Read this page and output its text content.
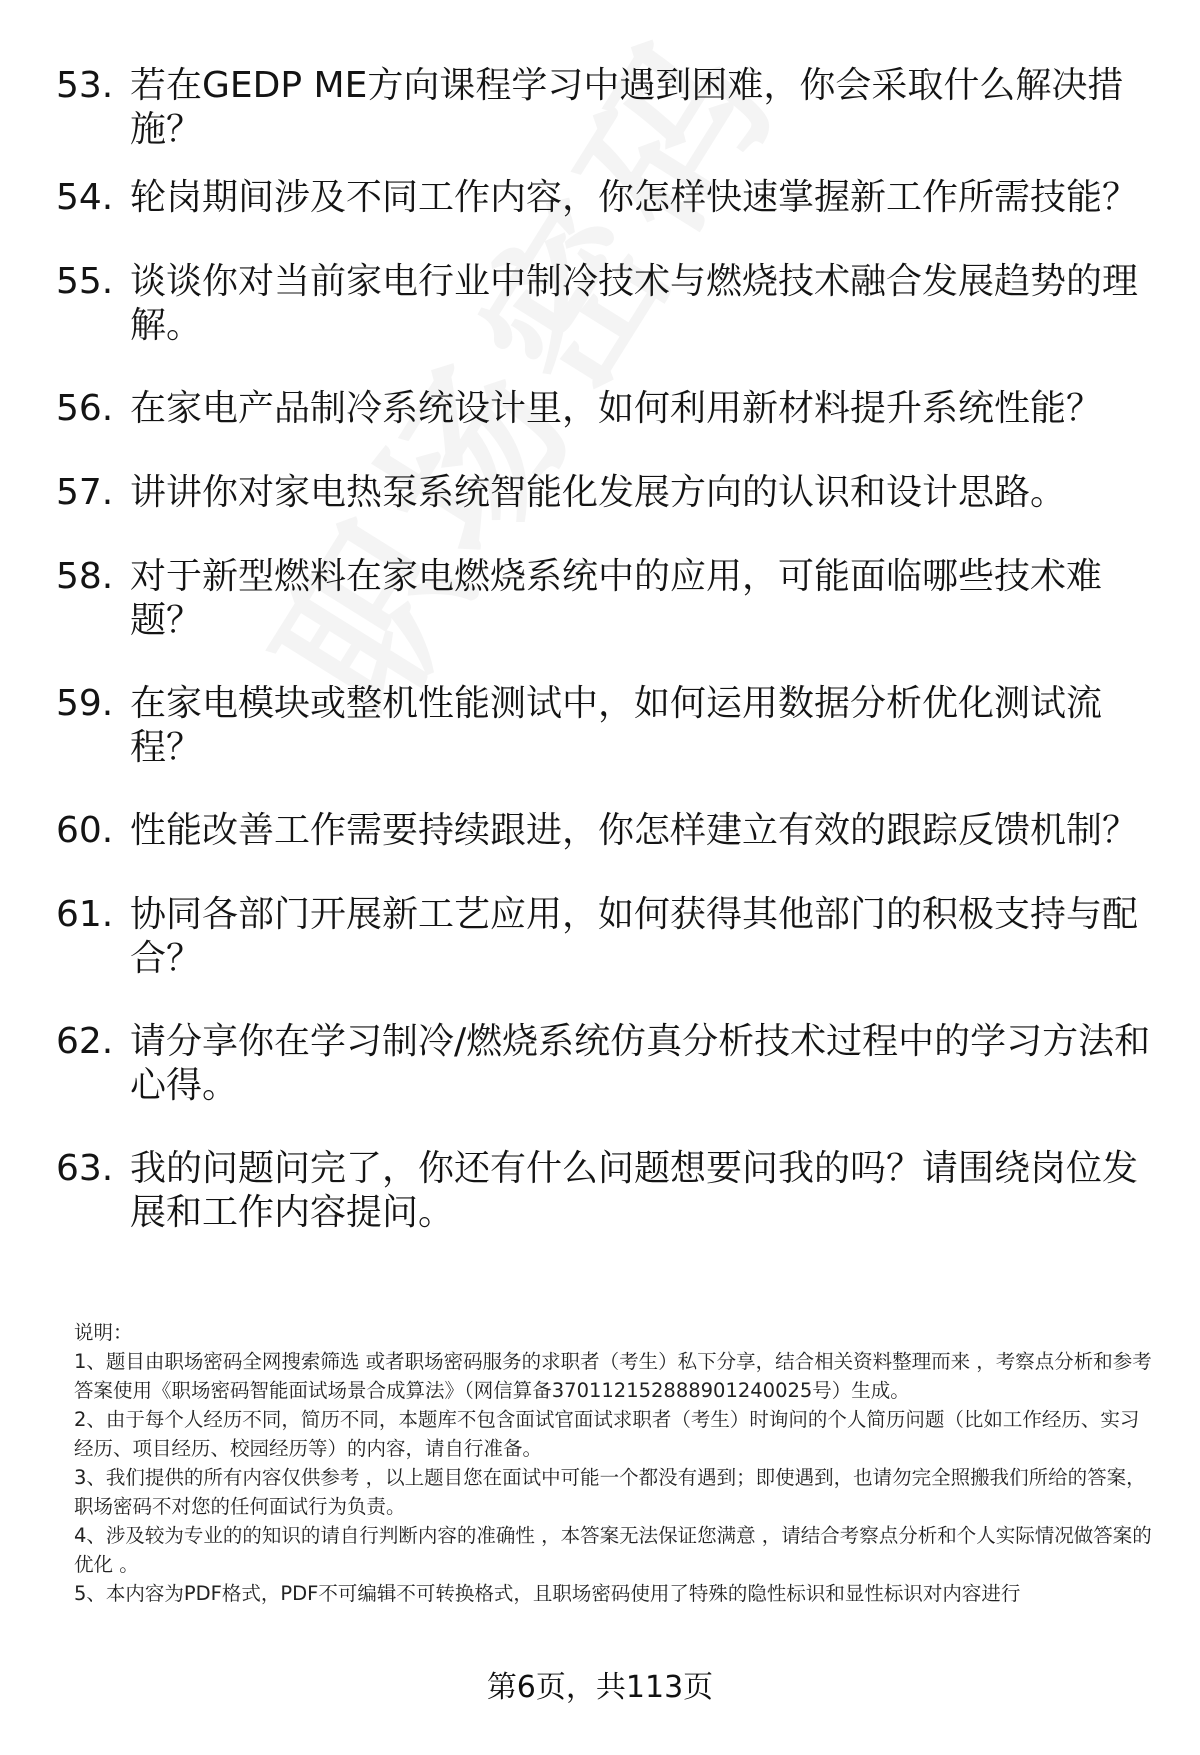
53. 若在GEDP ME方向课程学习中遇到困难，你会采取什么解决措施？
54. 轮岗期间涉及不同工作内容，你怎样快速掌握新工作所需技能？
55. 谈谈你对当前家电行业中制冷技术与燃烧技术融合发展趋势的理解。
56. 在家电产品制冷系统设计里，如何利用新材料提升系统性能？
57. 讲讲你对家电热泵系统智能化发展方向的认识和设计思路。
58. 对于新型燃料在家电燃烧系统中的应用，可能面临哪些技术难题？
59. 在家电模块或整机性能测试中，如何运用数据分析优化测试流程？
60. 性能改善工作需要持续跟进，你怎样建立有效的跟踪反馈机制？
61. 协同各部门开展新工艺应用，如何获得其他部门的积极支持与配合？
62. 请分享你在学习制冷/燃烧系统仿真分析技术过程中的学习方法和心得。
63. 我的问题问完了，你还有什么问题想要问我的吗？请围绕岗位发展和工作内容提问。

说明：

1、题目由职场密码全网搜索筛选 或者职场密码服务的求职者（考生）私下分享，结合相关资料整理而来 ，考察点分析和参考答案使用《职场密码智能面试场景合成算法》（网信算备370112152888901240025号）生成。

2、由于每个人经历不同，简历不同，本题库不包含面试官面试求职者（考生）时询问的个人简历问题（比如工作经历、实习经历、项目经历、校园经历等）的内容，请自行准备。

3、我们提供的所有内容仅供参考 ，以上题目您在面试中可能一个都没有遇到；即使遇到，也请勿完全照搬我们所给的答案，职场密码不对您的任何面试行为负责。

4、涉及较为专业的的知识的请自行判断内容的准确性 ，本答案无法保证您满意 ，请结合考察点分析和个人实际情况做答案的优化 。

5、本内容为PDF格式，PDF不可编辑不可转换格式，且职场密码使用了特殊的隐性标识和显性标识对内容进行

第6页，共113页
